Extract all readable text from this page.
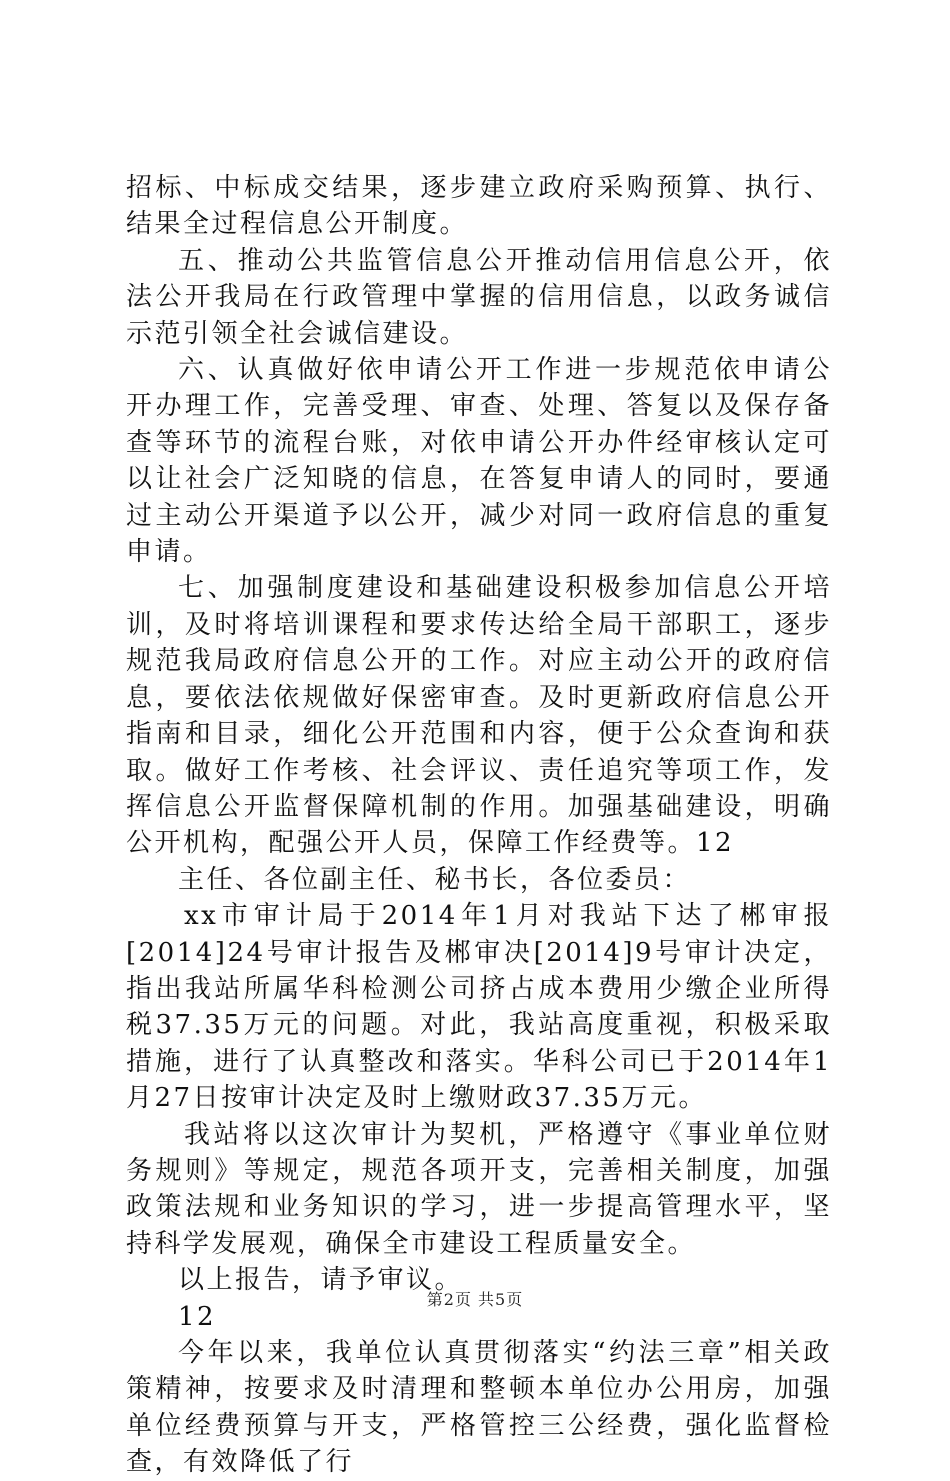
招标、中标成交结果，逐步建立政府采购预算、执行、结果全过程信息公开制度。

五、推动公共监管信息公开推动信用信息公开，依法公开我局在行政管理中掌握的信用信息，以政务诚信示范引领全社会诚信建设。

六、认真做好依申请公开工作进一步规范依申请公开办理工作，完善受理、审查、处理、答复以及保存备查等环节的流程台账，对依申请公开办件经审核认定可以让社会广泛知晓的信息，在答复申请人的同时，要通过主动公开渠道予以公开，减少对同一政府信息的重复申请。

七、加强制度建设和基础建设积极参加信息公开培训，及时将培训课程和要求传达给全局干部职工，逐步规范我局政府信息公开的工作。对应主动公开的政府信息，要依法依规做好保密审查。及时更新政府信息公开指南和目录，细化公开范围和内容，便于公众查询和获取。做好工作考核、社会评议、责任追究等项工作，发挥信息公开监督保障机制的作用。加强基础建设，明确公开机构，配强公开人员，保障工作经费等。12

主任、各位副主任、秘书长，各位委员：

xx市审计局于2014年1月对我站下达了郴审报[2014]24号审计报告及郴审决[2014]9号审计决定，指出我站所属华科检测公司挤占成本费用少缴企业所得税37.35万元的问题。对此，我站高度重视，积极采取措施，进行了认真整改和落实。华科公司已于2014年1月27日按审计决定及时上缴财政37.35万元。

我站将以这次审计为契机，严格遵守《事业单位财务规则》等规定，规范各项开支，完善相关制度，加强政策法规和业务知识的学习，进一步提高管理水平，坚持科学发展观，确保全市建设工程质量安全。

以上报告，请予审议。

12

今年以来，我单位认真贯彻落实“约法三章”相关政策精神，按要求及时清理和整顿本单位办公用房，加强单位经费预算与开支，严格管控三公经费，强化监督检查，有效降低了行

第2页 共5页
